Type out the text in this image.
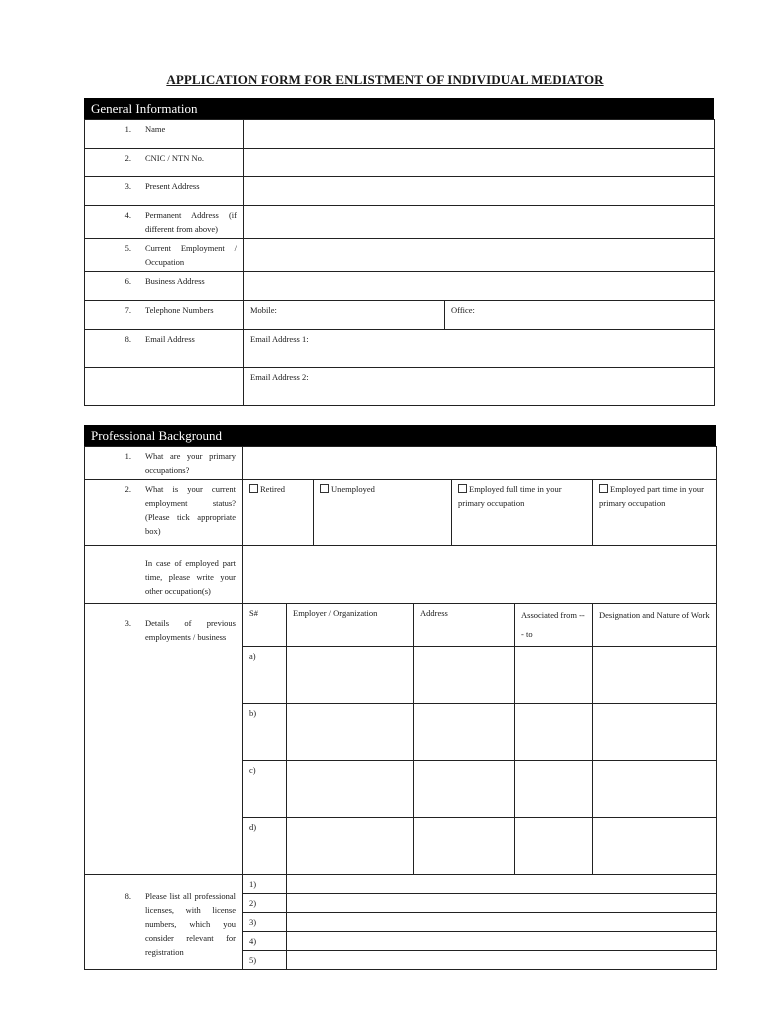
APPLICATION FORM FOR ENLISTMENT OF INDIVIDUAL MEDIATOR
General Information
1. Name		

2. CNIC / NTN No.		

3. Present Address		

4. Permanent Address (if different from above)		

5. Current Employment / Occupation		

6. Business Address		

7. Telephone Numbers	Mobile:	Office:

8. Email Address	Email Address 1:	
	Email Address 2:	
Professional Background
1. What are your primary occupations?							

2. What is your current employment status? (Please tick appropriate box)	Retired		Unemployed		Employed full time in your primary occupation		Employed part time in your primary occupation

In case of employed part time, please write your other occupation(s)							

3. Details of previous employments / business	S#	Employer / Organization		Address		Associated from --- to	Designation and Nature of Work
	a)						
	b)						
	c)						
	d)						

8. Please list all professional licenses, with license numbers, which you consider relevant for registration	1)						
	2)						
	3)						
	4)						
	5)						
